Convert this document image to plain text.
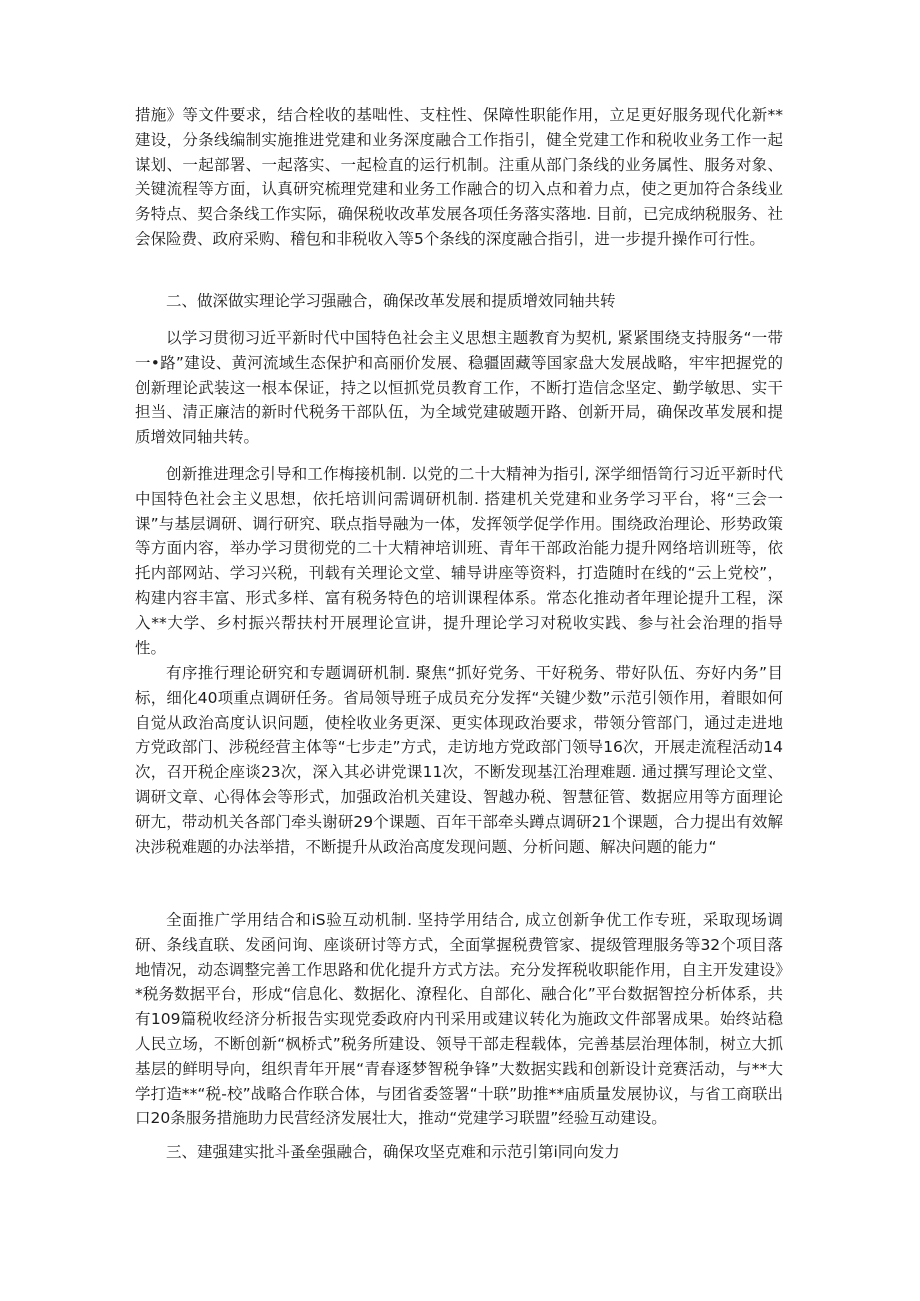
措施》等文件要求，结合栓收的基咄性、支柱性、保障性职能作用，立足更好服务现代化新**建设，分条线编制实施推进党建和业务深度融合工作指引，健全党建工作和税收业务工作一起谋划、一起部署、一起落实、一起检直的运行机制。注重从部门条线的业务属性、服务对象、关键流程等方面，认真研究梳理党建和业务工作融合的切入点和着力点，使之更加符合条线业务特点、契合条线工作实际，确保税收改革发展各项任务落实落地. 目前，已完成纳税服务、社会保险费、政府采购、稽包和非税收入等5个条线的深度融合指引，进一步提升操作可行性。

二、做深做实理论学习强融合，确保改革发展和提质增效同轴共转

以学习贯彻习近平新时代中国特色社会主义思想主题教育为契机, 紧紧围绕支持服务“一带一•路”建设、黄河流域生态保护和高丽价发展、稳疆固藏等国家盘大发展战略，牢牢把握党的创新理论武装这一根本保证，持之以恒抓党员教育工作，不断打造信念坚定、勤学敏思、实干担当、清正廉洁的新时代税务干部队伍，为全域党建破题开路、创新开局，确保改革发展和提质增效同轴共转。

创新推进理念引导和工作梅接机制. 以党的二十大精神为指引, 深学细悟笥行习近平新时代中国特色社会主义思想，依托培训问需调研机制. 搭建机关党建和业务学习平台，将“三会一课”与基层调研、调行研究、联点指导融为一体，发挥领学促学作用。围绕政治理论、形势政策等方面内容，举办学习贯彻党的二十大精神培训班、青年干部政治能力提升网络培训班等，依托内部网站、学习兴税，刊载有关理论文堂、辅导讲座等资料，打造随时在线的“云上党校”，构建内容丰富、形式多样、富有税务特色的培训课程体系。常态化推动者年理论提升工程，深入**大学、乡村振兴帮扶村开展理论宣讲，提升理论学习对税收实践、参与社会治理的指导性。

有序推行理论研究和专题调研机制. 聚焦“抓好党务、干好税务、带好队伍、夯好内务”目标，细化40项重点调研任务。省局领导班子成员充分发挥“关键少数”示范引领作用，着眼如何自觉从政治高度认识问题，使栓收业务更深、更实体现政治要求，带领分管部门，通过走进地方党政部门、涉税经营主体等“七步走”方式，走访地方党政部门领导16次，开展走流程活动14次，召开税企座谈23次，深入其必讲党课11次，不断发现基江治理难题. 通过撰写理论文堂、调研文章、心得体会等形式，加强政治机关建设、智越办税、智慧征管、数据应用等方面理论研尢，带动机关各部门牵头谢研29个课题、百年干部牵头蹲点调研21个课题，合力提出有效解决涉税难题的办法举措，不断提升从政治高度发现问题、分析问题、解决问题的能力“

全面推广学用结合和iS验互动机制. 坚持学用结合, 成立创新争优工作专班，采取现场调研、条线直联、发函问询、座谈研讨等方式，全面掌握税费管家、提级管理服务等32个项目落地情况，动态调整完善工作思路和优化提升方式方法。充分发挥税收职能作用，自主开发建设》*税务数据平台，形成“信息化、数据化、潦程化、自部化、融合化”平台数据智控分析体系，共有109篇税收经济分析报告实现党委政府内刊采用或建议转化为施政文件部署成果。始终站稳人民立场，不断创新“枫桥式”税务所建设、领导干部走程载体，完善基层治理体制，树立大抓基层的鲜明导向，组织青年开展“青春逐梦智税争锋”大数据实践和创新设计竞赛活动，与**大学打造**“税-校”战略合作联合体，与团省委签署“十联”助推**庙质量发展协议，与省工商联出口20条服务措施助力民营经济发展壮大，推动“党建学习联盟”经验互动建设。

三、建强建实批斗蚤垒强融合，确保攻坚克难和示范引第i同向发力
